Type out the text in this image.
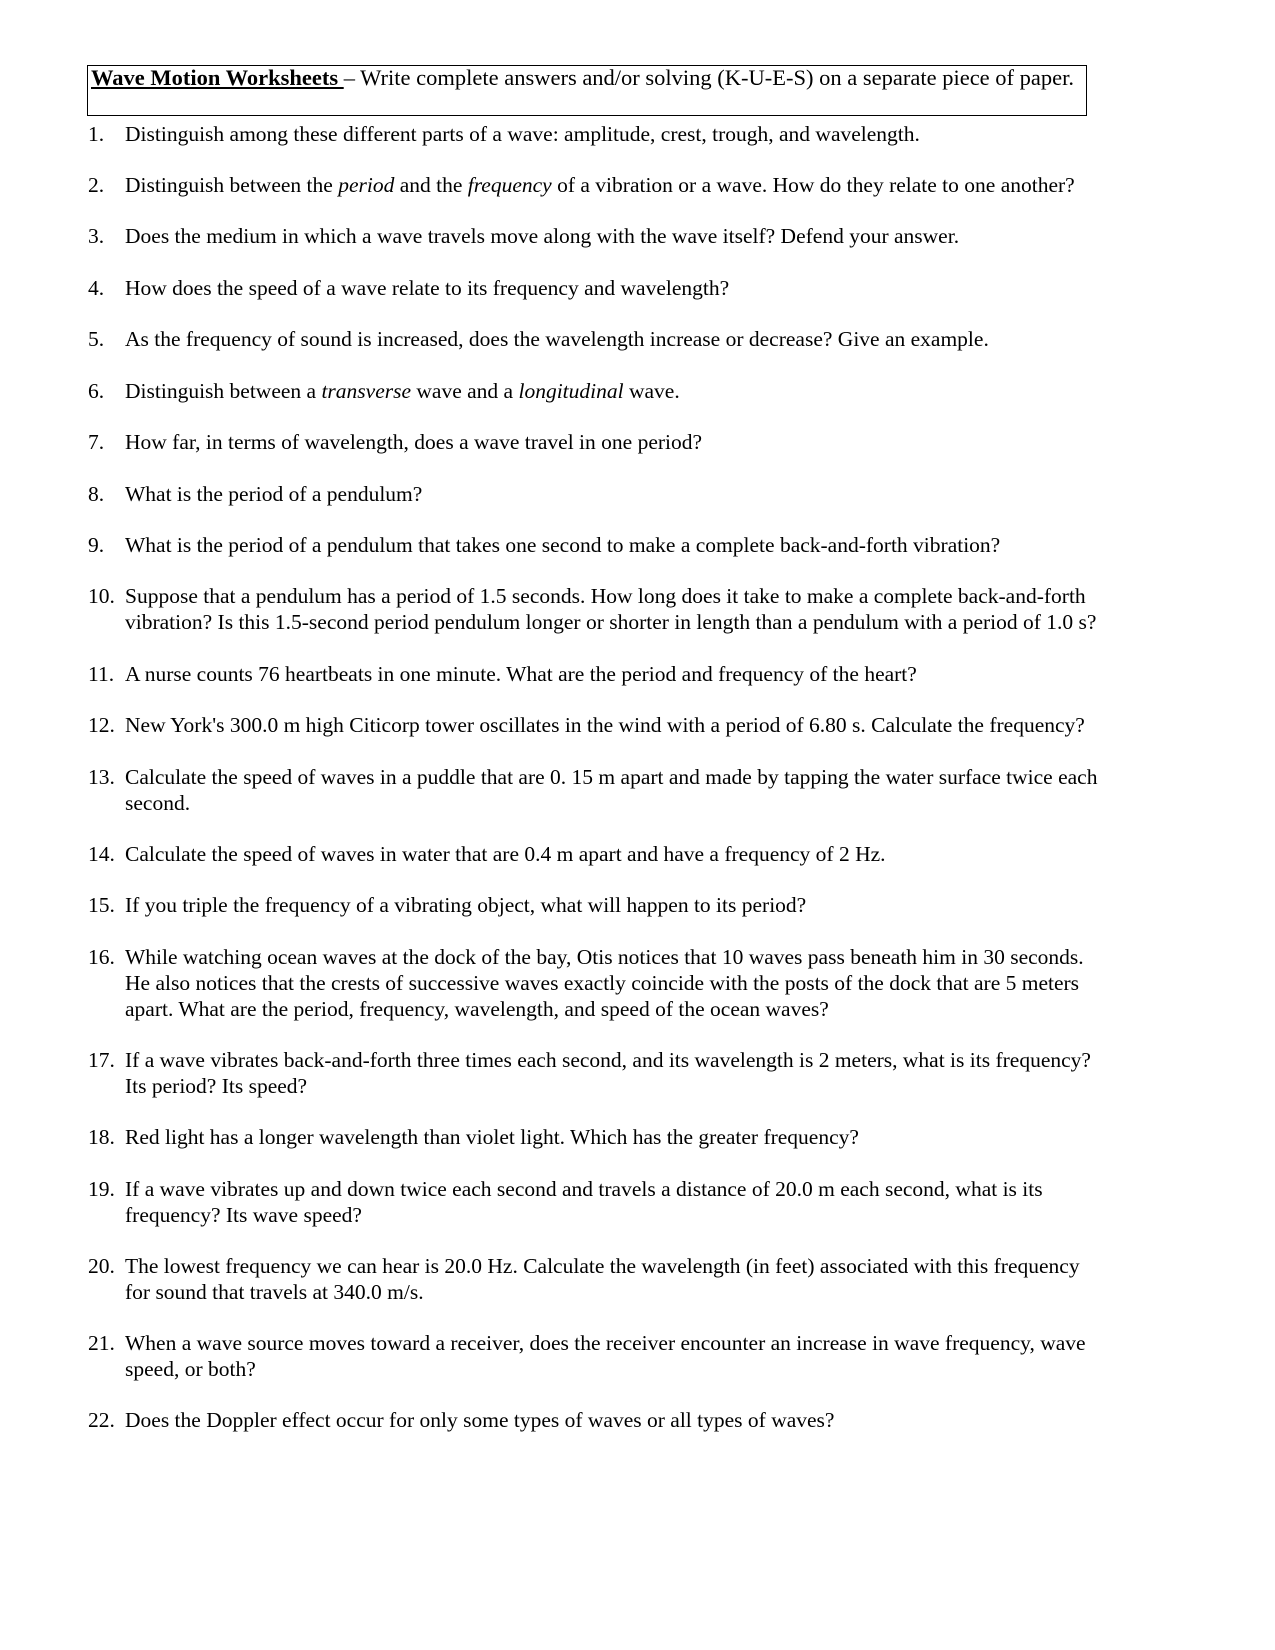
Wave Motion Worksheets – Write complete answers and/or solving (K-U-E-S) on a separate piece of paper.
1. Distinguish among these different parts of a wave: amplitude, crest, trough, and wavelength.
2. Distinguish between the period and the frequency of a vibration or a wave. How do they relate to one another?
3. Does the medium in which a wave travels move along with the wave itself? Defend your answer.
4. How does the speed of a wave relate to its frequency and wavelength?
5. As the frequency of sound is increased, does the wavelength increase or decrease? Give an example.
6. Distinguish between a transverse wave and a longitudinal wave.
7. How far, in terms of wavelength, does a wave travel in one period?
8. What is the period of a pendulum?
9. What is the period of a pendulum that takes one second to make a complete back-and-forth vibration?
10. Suppose that a pendulum has a period of 1.5 seconds. How long does it take to make a complete back-and-forth
vibration? Is this 1.5-second period pendulum longer or shorter in length than a pendulum with a period of 1.0 s?
11. A nurse counts 76 heartbeats in one minute. What are the period and frequency of the heart?
12. New York's 300.0 m high Citicorp tower oscillates in the wind with a period of 6.80 s. Calculate the frequency?
13. Calculate the speed of waves in a puddle that are 0. 15 m apart and made by tapping the water surface twice each
second.
14. Calculate the speed of waves in water that are 0.4 m apart and have a frequency of 2 Hz.
15. If you triple the frequency of a vibrating object, what will happen to its period?
16. While watching ocean waves at the dock of the bay, Otis notices that 10 waves pass beneath him in 30 seconds.
He also notices that the crests of successive waves exactly coincide with the posts of the dock that are 5 meters
apart. What are the period, frequency, wavelength, and speed of the ocean waves?
17. If a wave vibrates back-and-forth three times each second, and its wavelength is 2 meters, what is its frequency?
Its period? Its speed?
18. Red light has a longer wavelength than violet light. Which has the greater frequency?
19. If a wave vibrates up and down twice each second and travels a distance of 20.0 m each second, what is its
frequency? Its wave speed?
20. The lowest frequency we can hear is 20.0 Hz. Calculate the wavelength (in feet) associated with this frequency
for sound that travels at 340.0 m/s.
21. When a wave source moves toward a receiver, does the receiver encounter an increase in wave frequency, wave
speed, or both?
22. Does the Doppler effect occur for only some types of waves or all types of waves?
